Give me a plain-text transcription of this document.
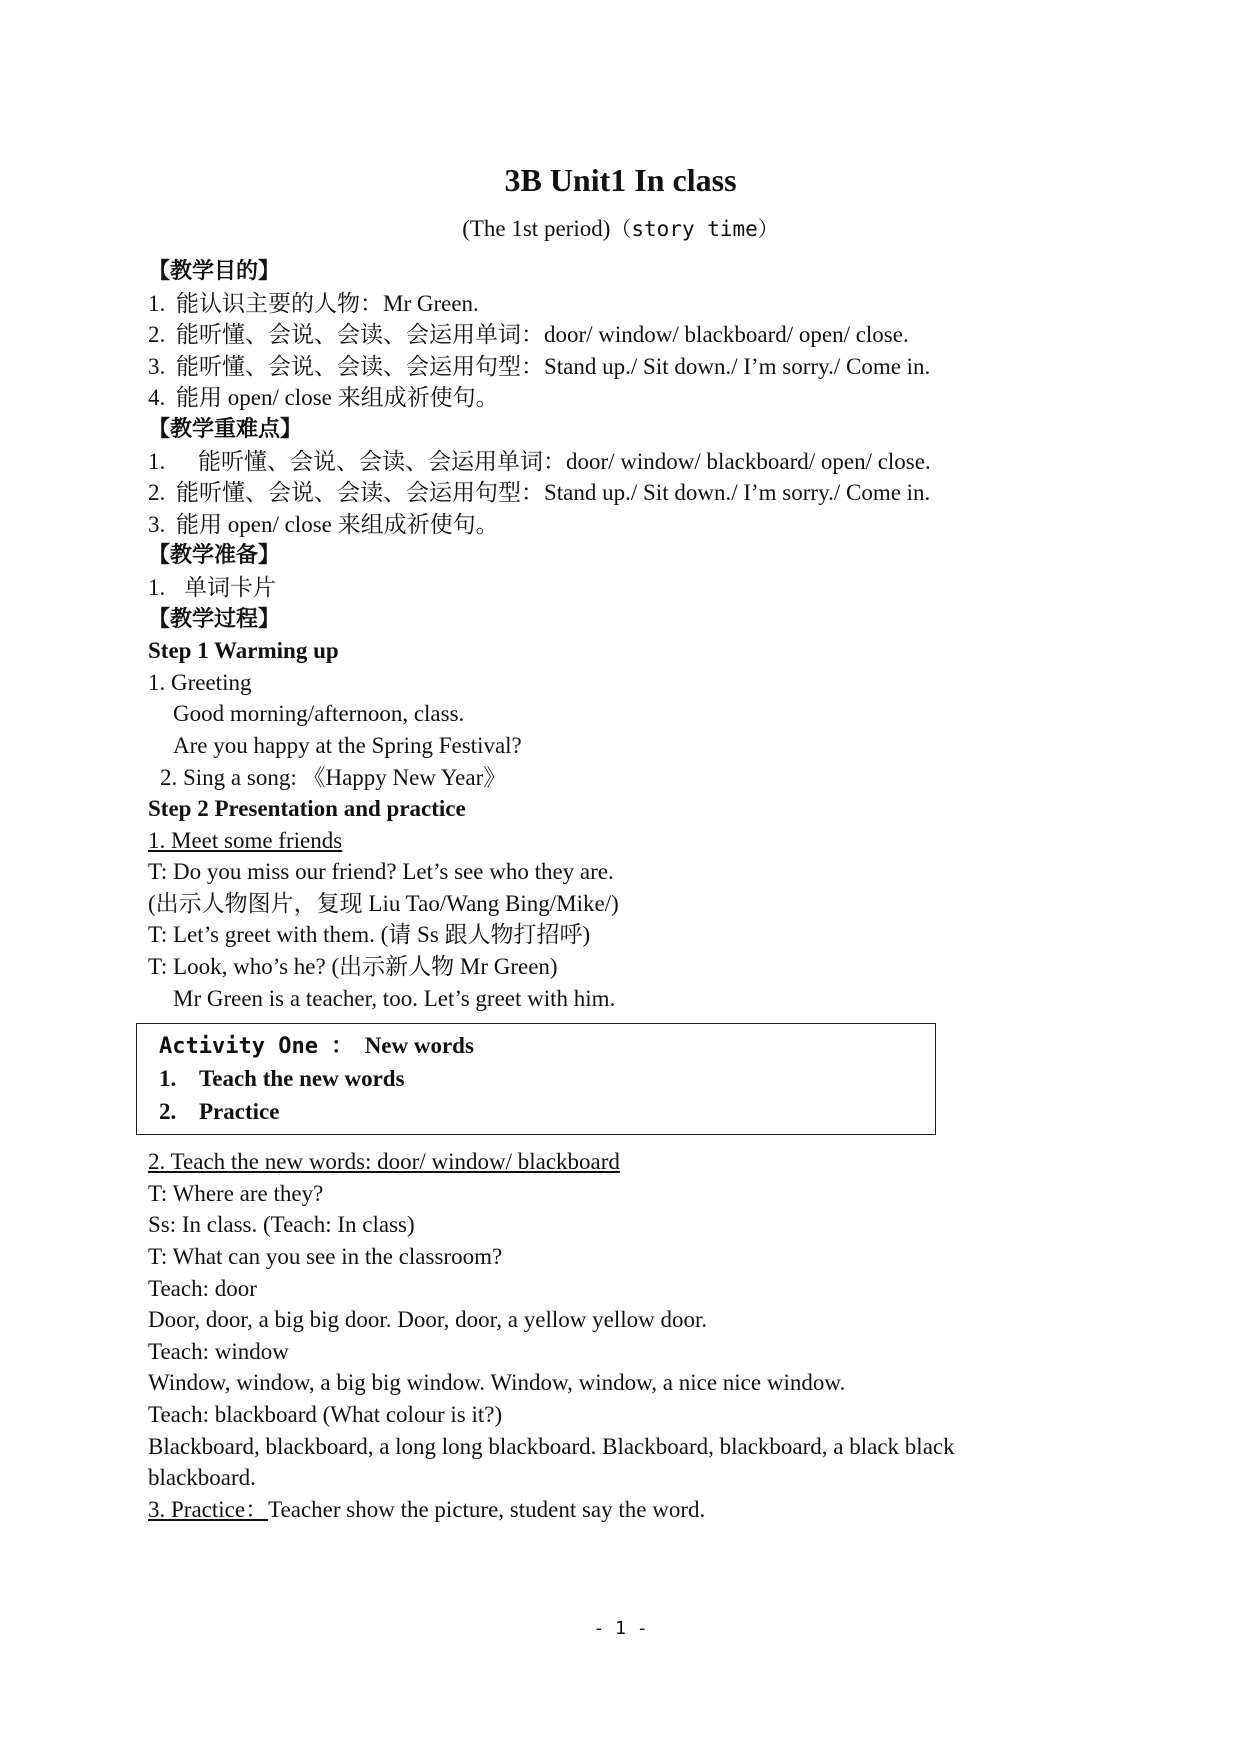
3B Unit1 In class
(The 1st period)（story time）
【教学目的】
1. 能认识主要的人物：Mr Green.
2. 能听懂、会说、会读、会运用单词：door/ window/ blackboard/ open/ close.
3. 能听懂、会说、会读、会运用句型：Stand up./ Sit down./ I’m sorry./ Come in.
4. 能用 open/ close 来组成祈使句。
【教学重难点】
1. 能听懂、会说、会读、会运用单词：door/ window/ blackboard/ open/ close.
2. 能听懂、会说、会读、会运用句型：Stand up./ Sit down./ I’m sorry./ Come in.
3. 能用 open/ close 来组成祈使句。
【教学准备】
1. 单词卡片
【教学过程】
Step 1 Warming up
1. Greeting
Good morning/afternoon, class.
Are you happy at the Spring Festival?
2. Sing a song: 《Happy New Year》
Step 2 Presentation and practice
1. Meet some friends
T: Do you miss our friend? Let’s see who they are.
(出示人物图片，复现 Liu Tao/Wang Bing/Mike/)
T: Let’s greet with them. (请 Ss 跟人物打招呼)
T: Look, who’s he? (出示新人物 Mr Green)
Mr Green is a teacher, too. Let’s greet with him.
Activity One ： New words
1. Teach the new words
2. Practice
2. Teach the new words: door/ window/ blackboard
T: Where are they?
Ss: In class. (Teach: In class)
T: What can you see in the classroom?
Teach: door
Door, door, a big big door. Door, door, a yellow yellow door.
Teach: window
Window, window, a big big window. Window, window, a nice nice window.
Teach: blackboard (What colour is it?)
Blackboard, blackboard, a long long blackboard. Blackboard, blackboard, a black black
blackboard.
3. Practice：Teacher show the picture, student say the word.
- 1 -
